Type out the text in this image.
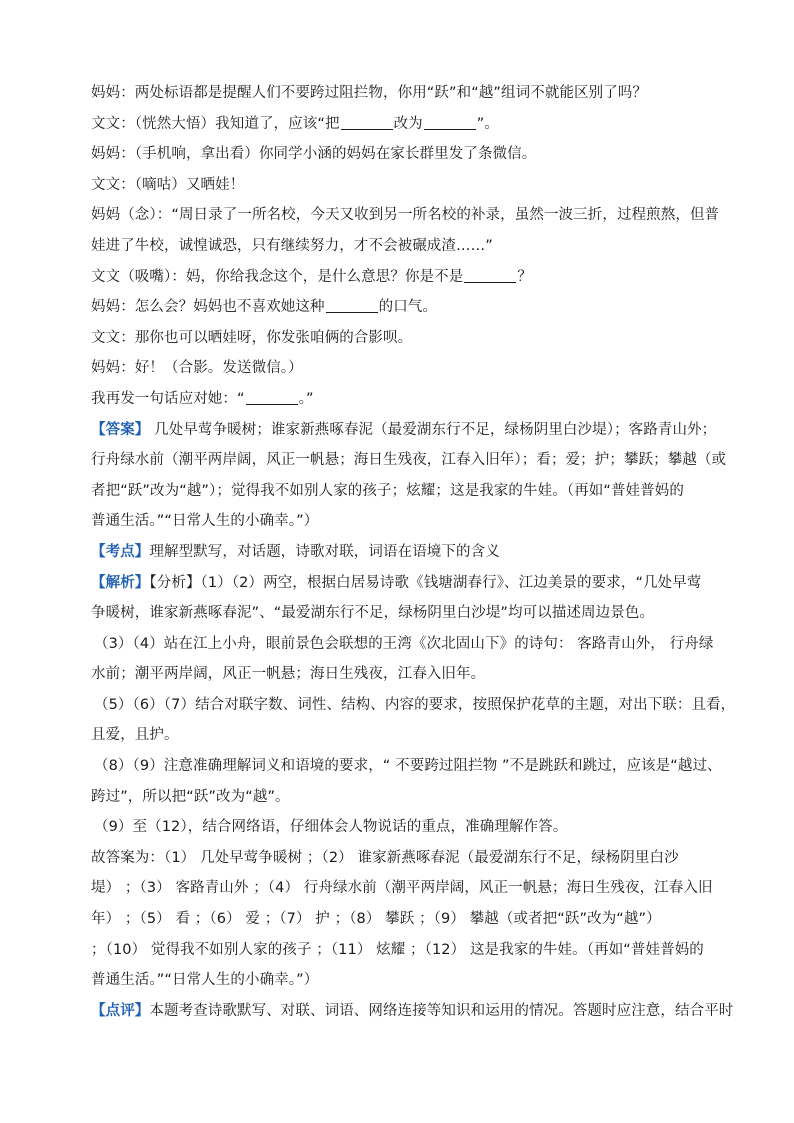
妈妈：两处标语都是提醒人们不要跨过阻拦物，你用“跃”和“越”组词不就能区别了吗？
文文：（恍然大悟）我知道了，应该“把	改为	”。
妈妈：（手机响，拿出看）你同学小涵的妈妈在家长群里发了条微信。
文文：（嘀咕）又晒娃！
妈妈（念）：“周日录了一所名校，今天又收到另一所名校的补录，虽然一波三折，过程煎熬，但普
娃进了牛校，诚惶诚恐，只有继续努力，才不会被碾成渣……”
文文（吸嘴）：妈，你给我念这个，是什么意思？你是不是	？
妈妈：怎么会？妈妈也不喜欢她这种	的口气。
文文：那你也可以晒娃呀，你发张咱俩的合影呗。
妈妈：好！（合影。发送微信。）
我再发一句话应对她：“	。”
【答案】 几处早莺争暖树；谁家新燕啄春泥（最爱湖东行不足，绿杨阴里白沙堤）；客路青山外；
行舟绿水前（潮平两岸阔，风正一帆悬；海日生残夜，江春入旧年）；看；爱；护；攀跃；攀越（或
者把“跃”改为“越”）；觉得我不如别人家的孩子；炫耀；这是我家的牛娃。（再如“普娃普妈的
普通生活。”“日常人生的小确幸。”）
【考点】理解型默写，对话题，诗歌对联，词语在语境下的含义
【解析】【分析】（1）（2）两空，根据白居易诗歌《钱塘湖春行》、江边美景的要求，“几处早莺
争暖树，谁家新燕啄春泥”、“最爱湖东行不足，绿杨阴里白沙堤”均可以描述周边景色。
（3）（4）站在江上小舟，眼前景色会联想的王湾《次北固山下》的诗句： 客路青山外， 行舟绿
水前；潮平两岸阔，风正一帆悬；海日生残夜，江春入旧年。
（5）（6）（7）结合对联字数、词性、结构、内容的要求，按照保护花草的主题，对出下联：且看，
且爱，且护。
（8）（9）注意准确理解词义和语境的要求，“ 不要跨过阻拦物 ”不是跳跃和跳过，应该是“越过、
跨过”，所以把“跃”改为“越”。
（9）至（12），结合网络语，仔细体会人物说话的重点，准确理解作答。
故答案为：（1） 几处早莺争暖树 ；（2） 谁家新燕啄春泥（最爱湖东行不足，绿杨阴里白沙
堤） ；（3） 客路青山外 ；（4） 行舟绿水前（潮平两岸阔，风正一帆悬；海日生残夜，江春入旧
年） ；（5） 看 ；（6） 爱 ；（7） 护 ；（8） 攀跃 ；（9） 攀越（或者把“跃”改为“越”）
；（10） 觉得我不如别人家的孩子 ；（11） 炫耀 ；（12） 这是我家的牛娃。（再如“普娃普妈的
普通生活。”“日常人生的小确幸。”）
【点评】本题考查诗歌默写、对联、词语、网络连接等知识和运用的情况。答题时应注意，结合平时
